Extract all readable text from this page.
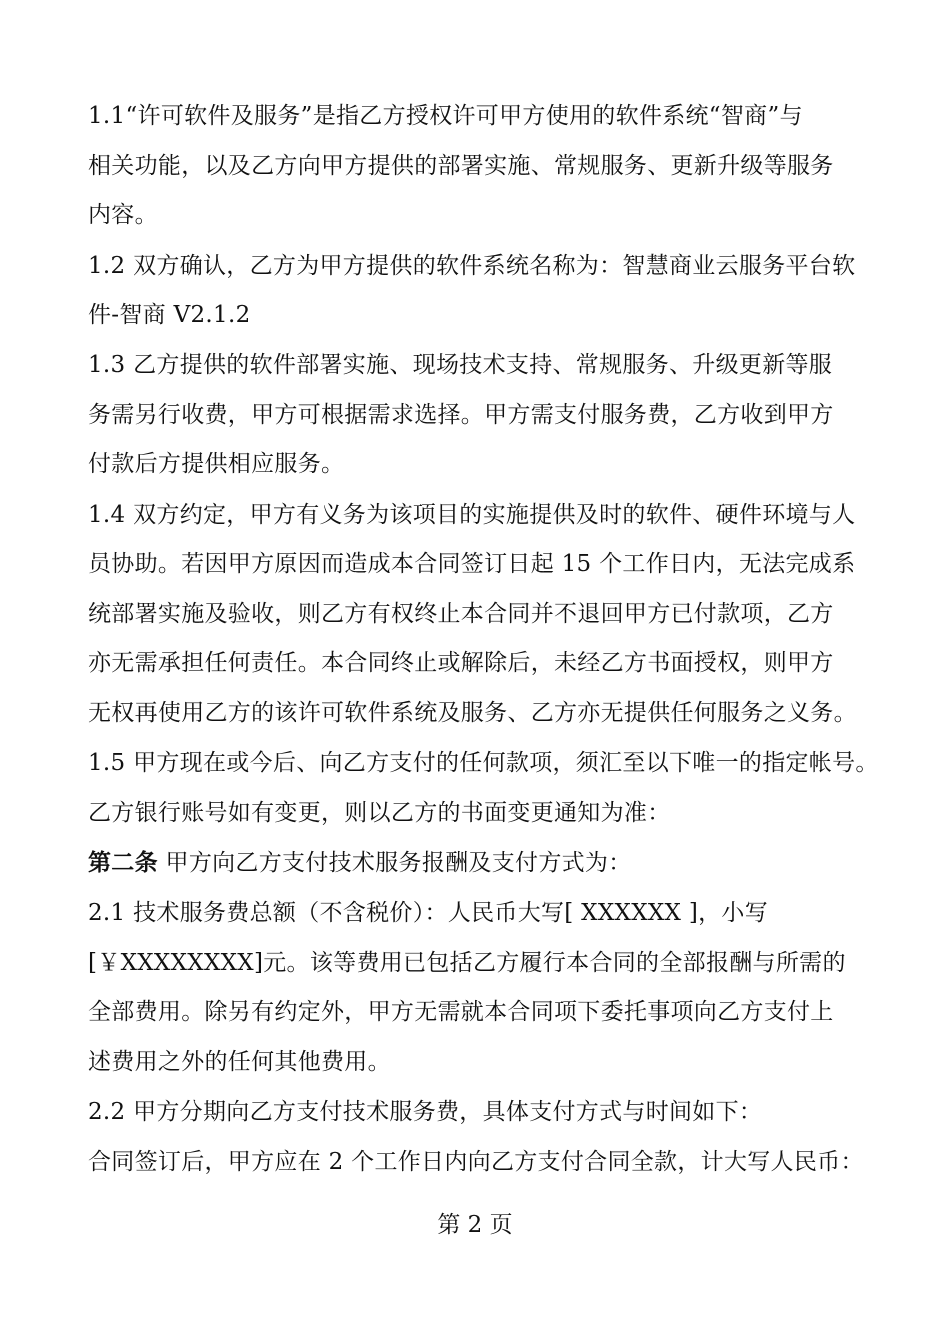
1.1“许可软件及服务”是指乙方授权许可甲方使用的软件系统“智商”与
相关功能，以及乙方向甲方提供的部署实施、常规服务、更新升级等服务
内容。
1.2 双方确认，乙方为甲方提供的软件系统名称为：智慧商业云服务平台软
件-智商 V2.1.2
1.3 乙方提供的软件部署实施、现场技术支持、常规服务、升级更新等服
务需另行收费，甲方可根据需求选择。甲方需支付服务费，乙方收到甲方
付款后方提供相应服务。
1.4 双方约定，甲方有义务为该项目的实施提供及时的软件、硬件环境与人
员协助。若因甲方原因而造成本合同签订日起 15 个工作日内，无法完成系
统部署实施及验收，则乙方有权终止本合同并不退回甲方已付款项，乙方
亦无需承担任何责任。本合同终止或解除后，未经乙方书面授权，则甲方
无权再使用乙方的该许可软件系统及服务、乙方亦无提供任何服务之义务。
1.5 甲方现在或今后、向乙方支付的任何款项，须汇至以下唯一的指定帐号。
乙方银行账号如有变更，则以乙方的书面变更通知为准：
第二条 甲方向乙方支付技术服务报酬及支付方式为：
2.1 技术服务费总额（不含税价）：人民币大写[ XXXXXX ]，小写
[￥XXXXXXXX]元。该等费用已包括乙方履行本合同的全部报酬与所需的
全部费用。除另有约定外，甲方无需就本合同项下委托事项向乙方支付上
述费用之外的任何其他费用。
2.2 甲方分期向乙方支付技术服务费，具体支付方式与时间如下：
合同签订后，甲方应在 2 个工作日内向乙方支付合同全款，计大写人民币：
第 2 页
